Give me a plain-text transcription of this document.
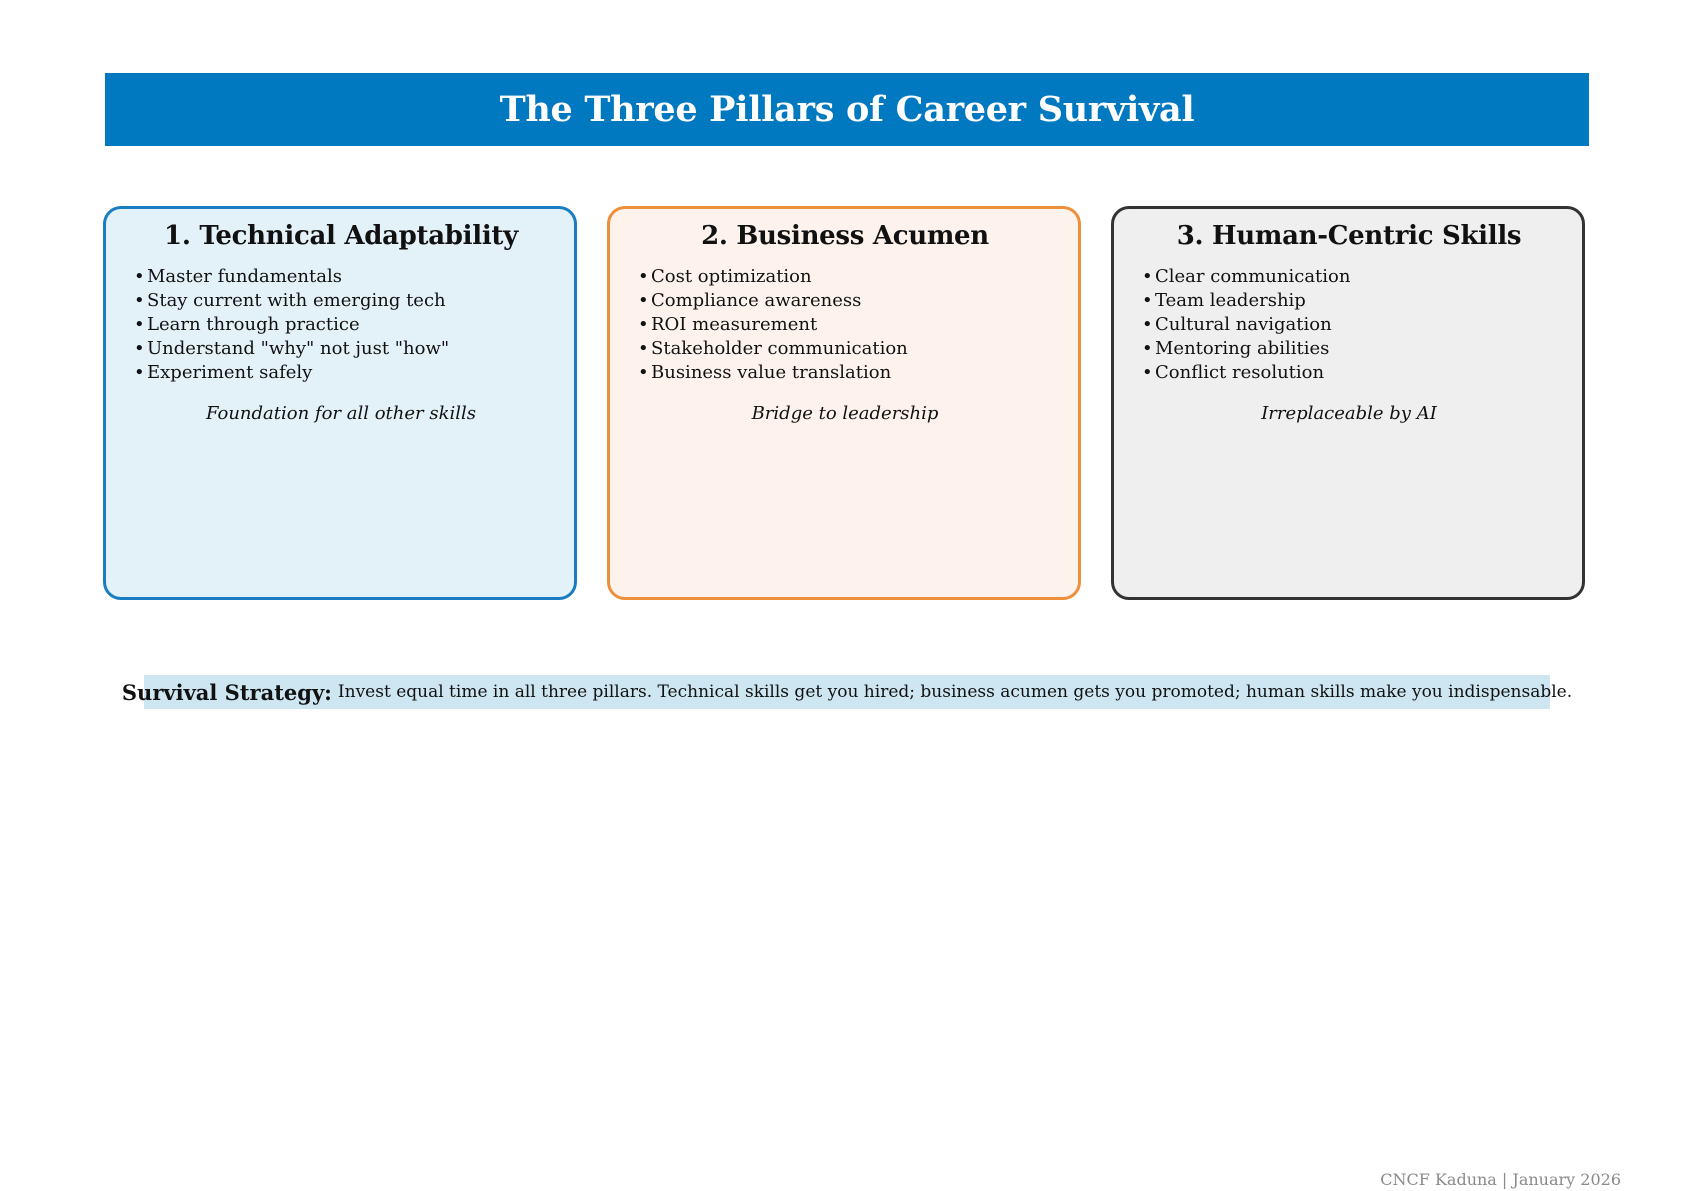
The Three Pillars of Career Survival
1. Technical Adaptability
• Master fundamentals
• Stay current with emerging tech
• Learn through practice
• Understand "why" not just "how"
• Experiment safely
Foundation for all other skills
2. Business Acumen
• Cost optimization
• Compliance awareness
• ROI measurement
• Stakeholder communication
• Business value translation
Bridge to leadership
3. Human-Centric Skills
• Clear communication
• Team leadership
• Cultural navigation
• Mentoring abilities
• Conflict resolution
Irreplaceable by AI
Survival Strategy: Invest equal time in all three pillars. Technical skills get you hired; business acumen gets you promoted; human skills make you indispensable.
CNCF Kaduna | January 2026
